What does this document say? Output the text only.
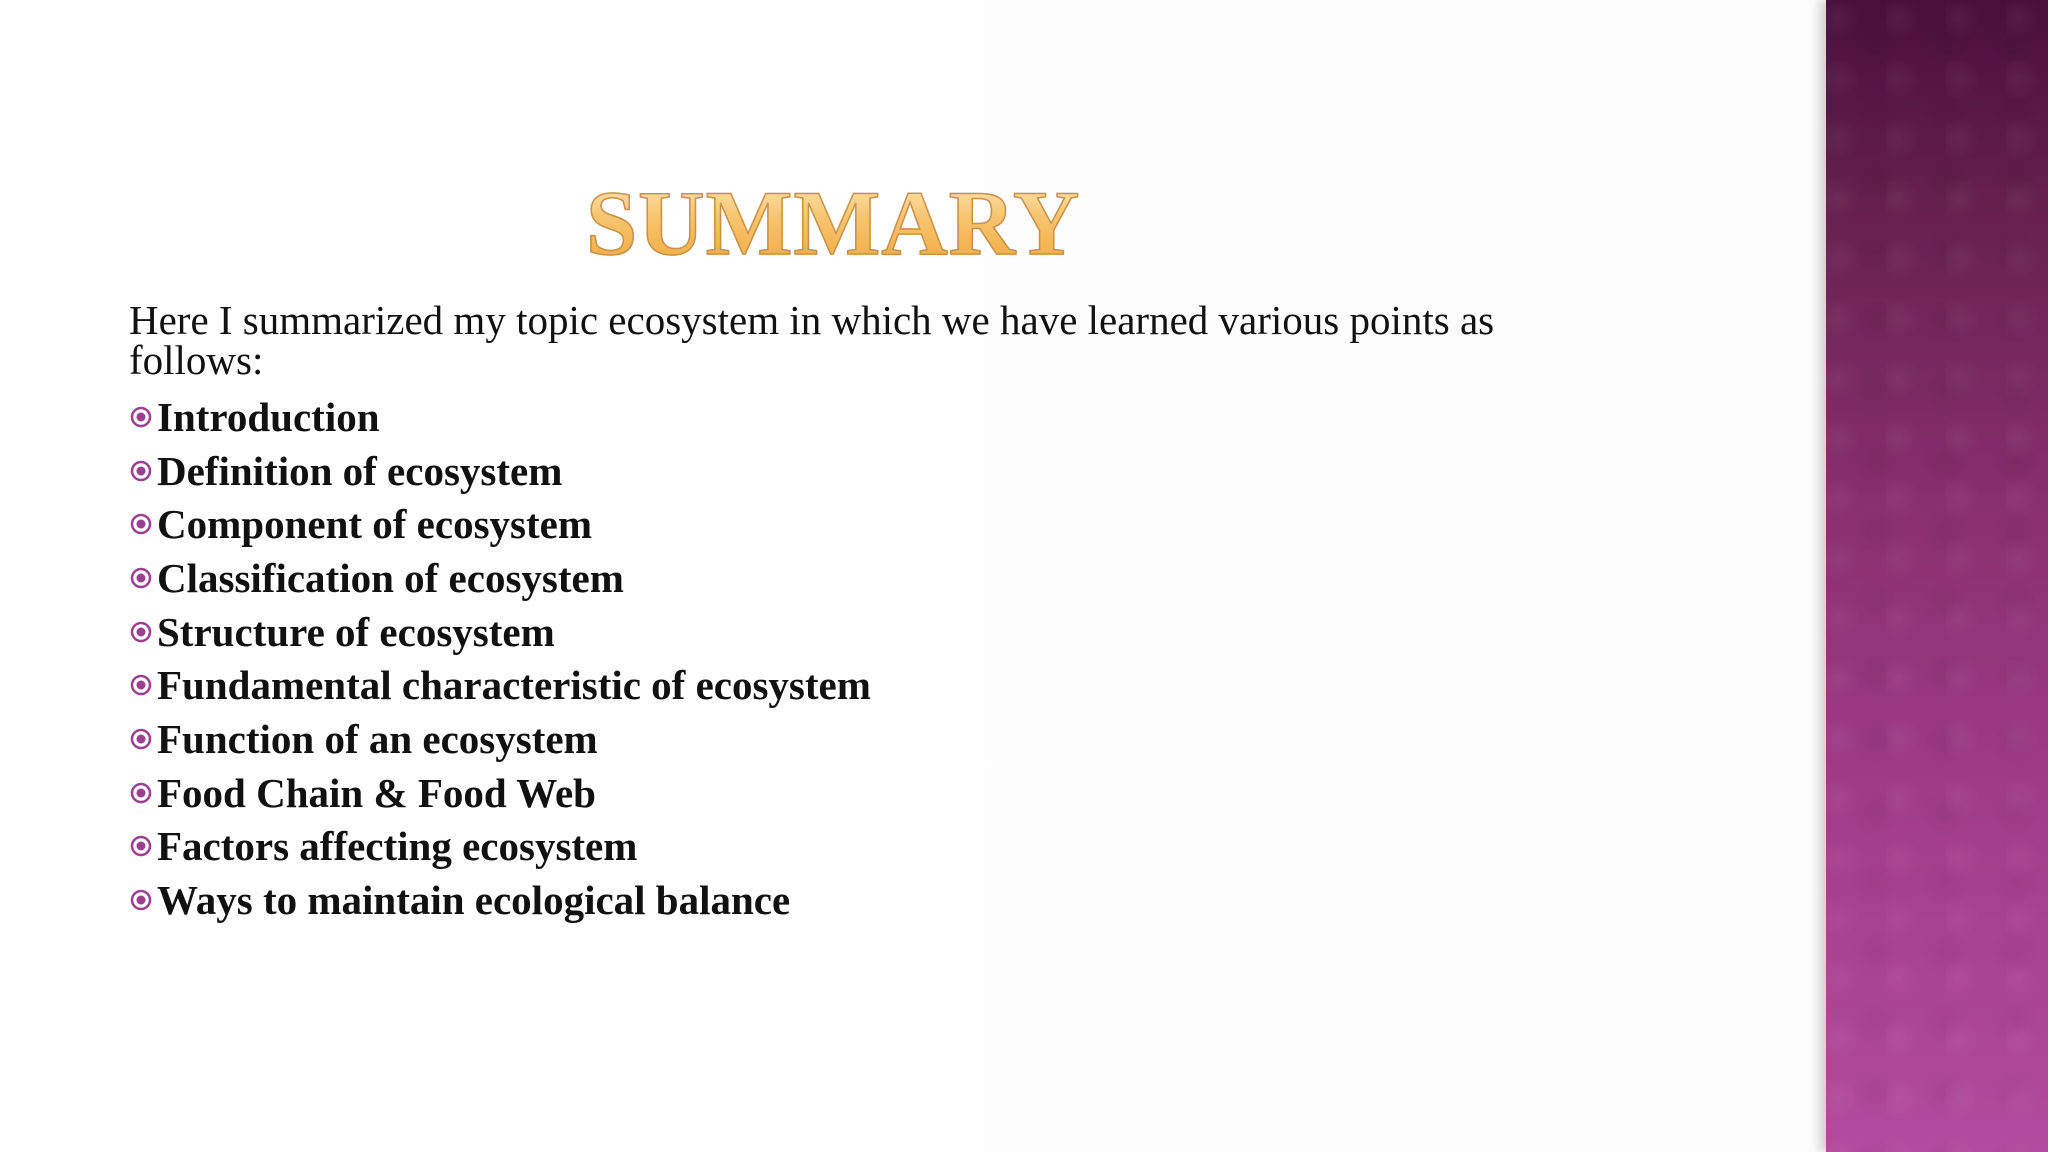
SUMMARY

Here I summarized my topic ecosystem in which we have learned various points as follows:

Introduction
Definition of ecosystem
Component of ecosystem
Classification of ecosystem
Structure of ecosystem
Fundamental characteristic of ecosystem
Function of an ecosystem
Food Chain & Food Web
Factors affecting ecosystem
Ways to maintain ecological balance
